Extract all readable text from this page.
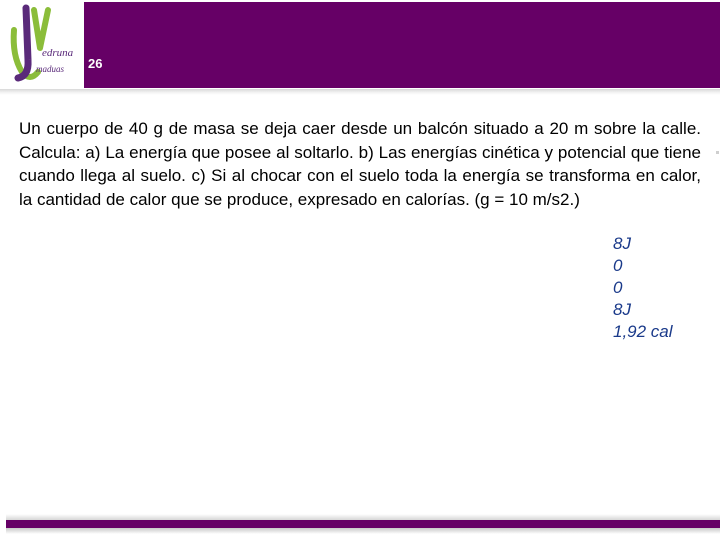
edruna
maduas 26

Un cuerpo de 40 g de masa se deja caer desde un balcón situado a 20 m sobre la calle. Calcula: a) La energía que posee al soltarlo. b) Las energías cinética y potencial que tiene cuando llega al suelo. c) Si al chocar con el suelo toda la energía se transforma en calor, la cantidad de calor que se produce, expresado en calorías. (g = 10 m/s2.)

8J
0
0
8J
1,92 cal
